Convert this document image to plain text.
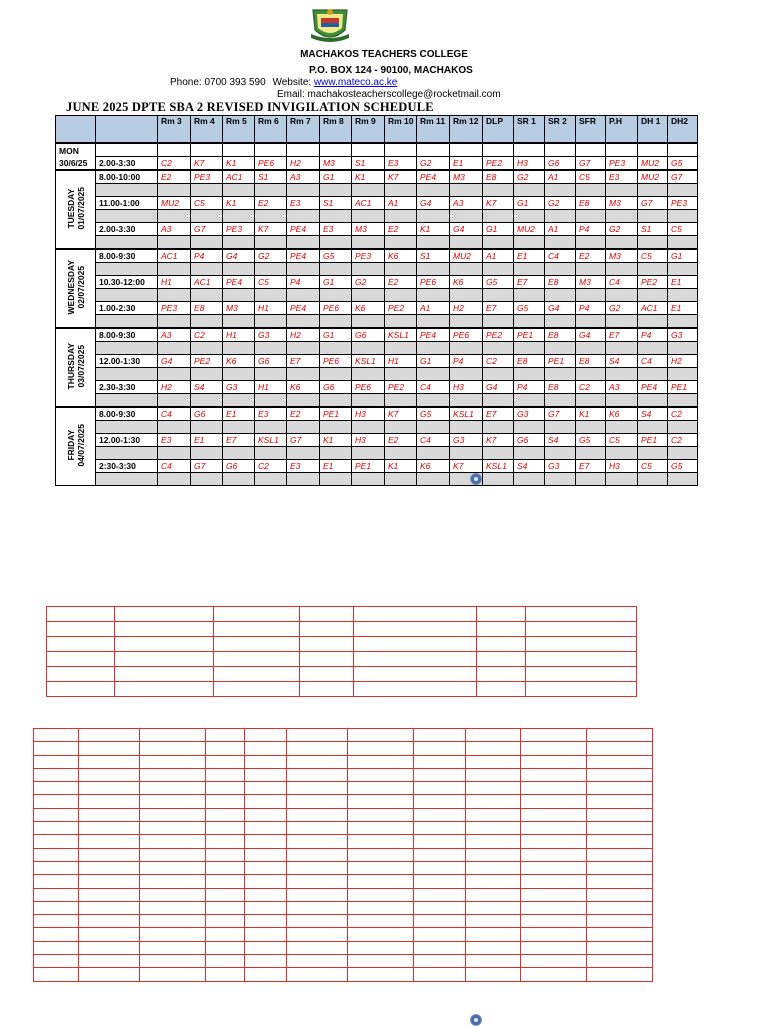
MACHAKOS TEACHERS COLLEGE
P.O. BOX 124 - 90100, MACHAKOS
Phone: 0700 393 590 Website: www.mateco.ac.ke
Email: machakosteacherscollege@rocketmail.com
JUNE 2025 DPTE SBA 2 REVISED INVIGILATION SCHEDULE
		Rm 3	Rm 4	Rm 5	Rm 6	Rm 7	Rm 8	Rm 9	Rm 10	Rm 11	Rm 12	DLP	SR 1	SR 2	SFR	P.H	DH 1	DH2
MON 30/6/25																		
	2.00-3:30	C2	K7	K1	PE6	H2	M3	S1	E3	G2	E1	PE2	H3	G6	G7	PE3	MU2	G5
TUESDAY
01/07/2025	8.00-10:00	E2	PE3	AC1	S1	A3	G1	K1	K7	PE4	M3	E8	G2	A1	C5	E3	MU2	G7

	11.00-1:00	MU2	C5	K1	E2	E3	S1	AC1	A1	G4	A3	K7	G1	G2	E8	M3	G7	PE3

	2.00-3:30	A3	G7	PE3	K7	PE4	E3	M3	E2	K1	G4	G1	MU2	A1	P4	G2	S1	C5

WEDNESDAY
02/07/2025	8.00-9:30	AC1	P4	G4	G2	PE4	G5	PE3	K6	S1	MU2	A1	E1	C4	E2	M3	C5	G1

	10.30-12:00	H1	AC1	PE4	C5	P4	G1	G2	E2	PE6	K6	G5	E7	E8	M3	C4	PE2	E1

	1.00-2:30	PE3	E8	M3	H1	PE4	PE6	K6	PE2	A1	H2	E7	G5	G4	P4	G2	AC1	E1

THURSDAY
03/07/2025	8.00-9:30	A3	C2	H1	G3	H2	G1	G6	KSL1	PE4	PE6	PE2	PE1	E8	G4	E7	P4	G3

	12.00-1:30	G4	PE2	K6	G6	E7	PE6	KSL1	H1	G1	P4	C2	E8	PE1	E8	S4	C4	H2

	2.30-3:30	H2	S4	G3	H1	K6	G6	PE6	PE2	C4	H3	G4	P4	E8	C2	A3	PE4	PE1

FRIDAY
04/07/2025	8.00-9:30	C4	G6	E1	E3	E2	PE1	H3	K7	G5	KSL1	E7	G3	G7	K1	K6	S4	C2

	12.00-1:30	E3	E1	E7	KSL1	G7	K1	H3	E2	C4	G3	K7	G6	S4	G5	C5	PE1	C2

	2:30-3:30	C4	G7	G6	C2	E3	E1	PE1	K1	K6	K7	KSL1	S4	G3	E7	H3	C5	G5
